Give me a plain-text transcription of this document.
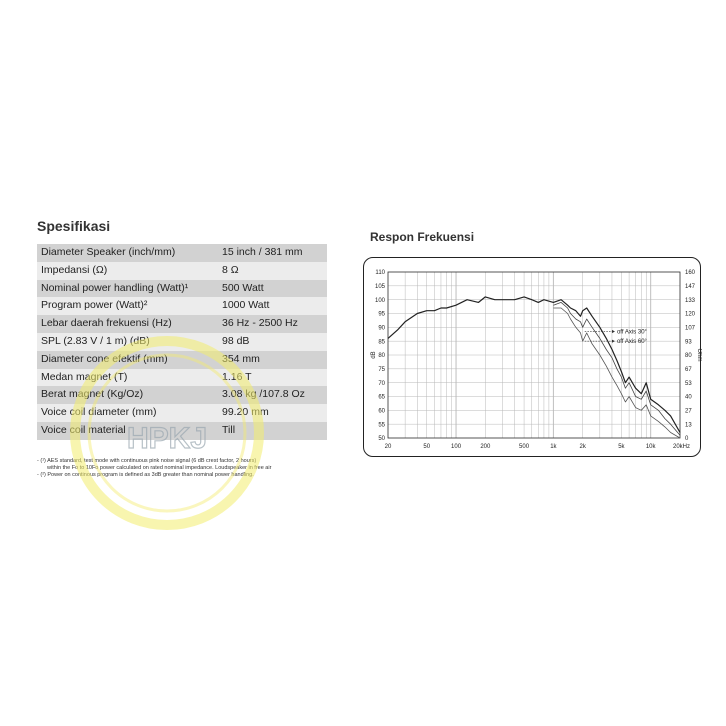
Spesifikasi
Diameter Speaker (inch/mm)	15 inch / 381 mm
Impedansi (Ω)	8 Ω
Nominal power handling (Watt)¹	500 Watt
Program power (Watt)²	1000 Watt
Lebar daerah frekuensi (Hz)	36 Hz - 2500 Hz
SPL (2.83 V / 1 m) (dB)	98 dB
Diameter cone efektif (mm)	354 mm
Medan magnet (T)	1.16 T
Berat magnet (Kg/Oz)	3.08 kg /107.8 Oz
Voice coil diameter (mm)	99.20 mm
Voice coil material	Till
- (¹) AES standard, test mode with continuous pink noise signal (6 dB crest factor, 2 hours)
within the Fo to 10Fo power calculated on rated nominal impedance. Loudspeaker in free air
- (²) Power on continous program is defined as 3dB greater than nominal power handling.
Respon Frekuensi
110
105
100
95
90
85
80
75
70
65
60
55
50
160
147
133
120
107
93
80
67
53
40
27
13
0
20	50	100	200	500	1k	2k	5k	10k	20kHz
dB	Ohm
off Axis 30°
off Axis 60°
HPKJ
